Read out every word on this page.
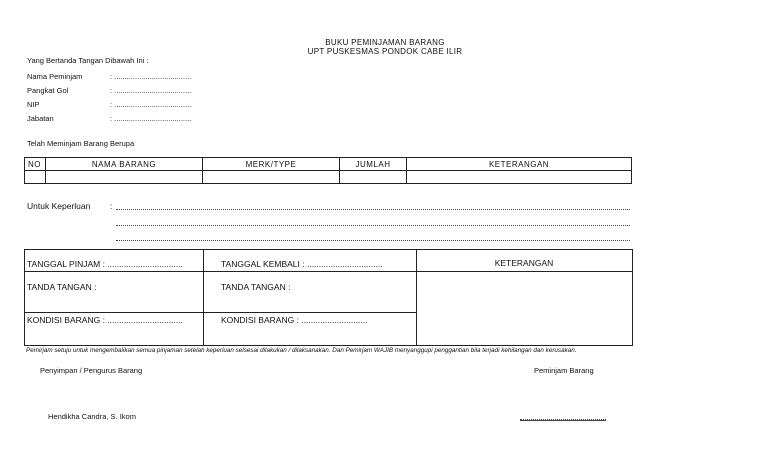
BUKU PEMINJAMAN BARANG
UPT PUSKESMAS PONDOK CABE ILIR
Yang Bertanda Tangan Dibawah Ini :
Nama Peminjam	: .....................................
Pangkat Gol	: .....................................
NIP	: .....................................
Jabatan	: .....................................
Telah Meminjam Barang Berupa
NO	NAMA BARANG	MERK/TYPE	JUMLAH	KETERANGAN

Untuk Keperluan :
TANGGAL PINJAM : ................................	TANGGAL KEMBALI : ................................	KETERANGAN
TANDA TANGAN :	TANDA TANGAN :
KONDISI BARANG : ................................	KONDISI BARANG : ............................
Pemirjam setuju untuk mengembalikan semua pinjaman setelah keperluan selsesai dilakukan / dilaksanakan. Dan Pemirjam WAJIB menyanggupi penggantian bila terjadi kehilangan dan kerusakan.
Penyimpan / Pengurus Barang	Peminjam Barang
Hendikha Candra, S. Ikom
